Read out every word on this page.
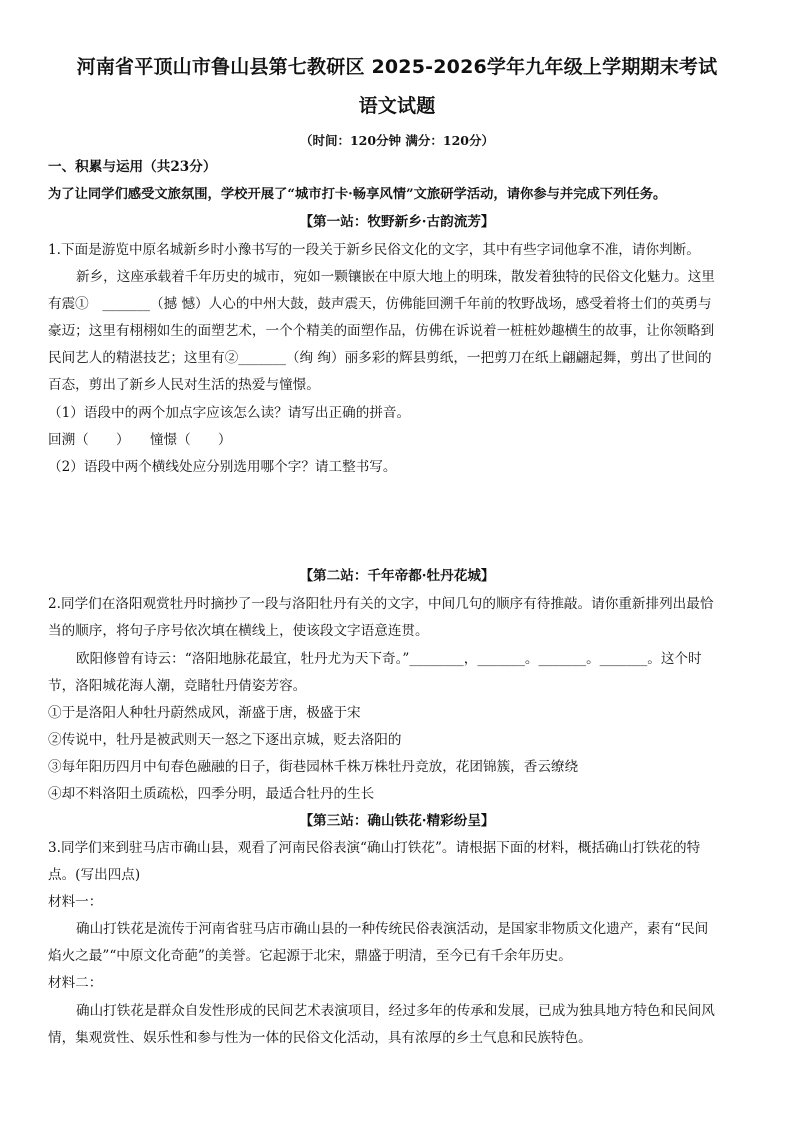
河南省平顶山市鲁山县第七教研区 2025-2026学年九年级上学期期末考试
语文试题
（时间：120分钟 满分：120分）
一、积累与运用（共23分）
为了让同学们感受文旅氛围，学校开展了“城市打卡·畅享风情”文旅研学活动，请你参与并完成下列任务。
【第一站：牧野新乡·古韵流芳】
1.下面是游览中原名城新乡时小豫书写的一段关于新乡民俗文化的文字，其中有些字词他拿不准，请你判断。
新乡，这座承载着千年历史的城市，宛如一颗镶嵌在中原大地上的明珠，散发着独特的民俗文化魅力。这里
有震①　_______（撼 憾）人心的中州大鼓，鼓声震天，仿佛能回溯千年前的牧野战场，感受着将士们的英勇与
豪迈；这里有栩栩如生的面塑艺术，一个个精美的面塑作品，仿佛在诉说着一桩桩妙趣横生的故事，让你领略到
民间艺人的精湛技艺；这里有②_______（绚 绚）丽多彩的辉县剪纸，一把剪刀在纸上翩翩起舞，剪出了世间的
百态，剪出了新乡人民对生活的热爱与憧憬。
（1）语段中的两个加点字应该怎么读？请写出正确的拼音。
回溯（　　）　　憧憬（　　）
（2）语段中两个横线处应分别选用哪个字？请工整书写。
【第二站：千年帝都·牡丹花城】
2.同学们在洛阳观赏牡丹时摘抄了一段与洛阳牡丹有关的文字，中间几句的顺序有待推敲。请你重新排列出最恰
当的顺序，将句子序号依次填在横线上，使该段文字语意连贯。
欧阳修曾有诗云：“洛阳地脉花最宜，牡丹尤为天下奇。”________，_______。_______。_______。这个时
节，洛阳城花海人潮，竞睹牡丹倩姿芳容。
①于是洛阳人种牡丹蔚然成风，渐盛于唐，极盛于宋
②传说中，牡丹是被武则天一怒之下逐出京城，贬去洛阳的
③每年阳历四月中旬春色融融的日子，街巷园林千株万株牡丹竞放，花团锦簇，香云缭绕
④却不料洛阳土质疏松，四季分明，最适合牡丹的生长
【第三站：确山铁花·精彩纷呈】
3.同学们来到驻马店市确山县，观看了河南民俗表演“确山打铁花”。请根据下面的材料，概括确山打铁花的特
点。(写出四点)
材料一：
确山打铁花是流传于河南省驻马店市确山县的一种传统民俗表演活动，是国家非物质文化遗产，素有“民间
焰火之最”“中原文化奇葩”的美誉。它起源于北宋，鼎盛于明清，至今已有千余年历史。
材料二：
确山打铁花是群众自发性形成的民间艺术表演项目，经过多年的传承和发展，已成为独具地方特色和民间风
情，集观赏性、娱乐性和参与性为一体的民俗文化活动，具有浓厚的乡土气息和民族特色。
